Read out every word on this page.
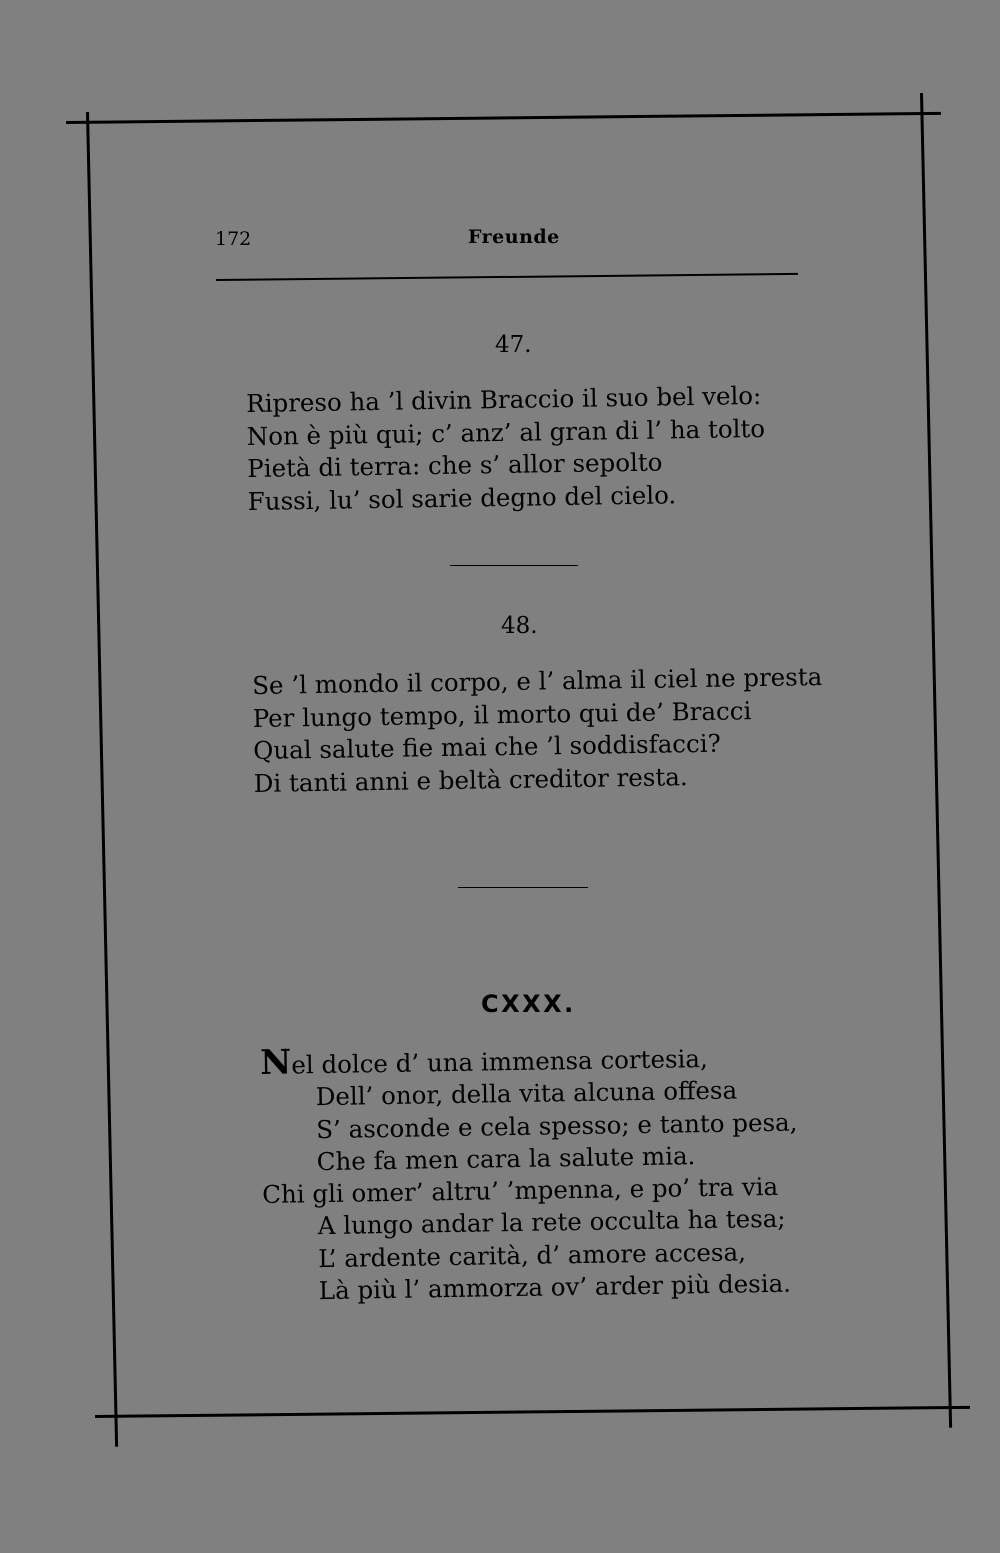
172	Freunde
47.
Ripreso ha ’l divin Braccio il suo bel velo:
Non è più qui; c’ anz’ al gran di l’ ha tolto
Pietà di terra: che s’ allor sepolto
Fussi, lu’ sol sarie degno del cielo.
48.
Se ’l mondo il corpo, e l’ alma il ciel ne presta
Per lungo tempo, il morto qui de’ Bracci
Qual salute fie mai che ’l soddisfacci?
Di tanti anni e beltà creditor resta.
CXXX.
Nel dolce d’ una immensa cortesia,
Dell’ onor, della vita alcuna offesa
S’ asconde e cela spesso; e tanto pesa,
Che fa men cara la salute mia.
Chi gli omer’ altru’ ’mpenna, e po’ tra via
A lungo andar la rete occulta ha tesa;
L’ ardente carità, d’ amore accesa,
Là più l’ ammorza ov’ arder più desia.
